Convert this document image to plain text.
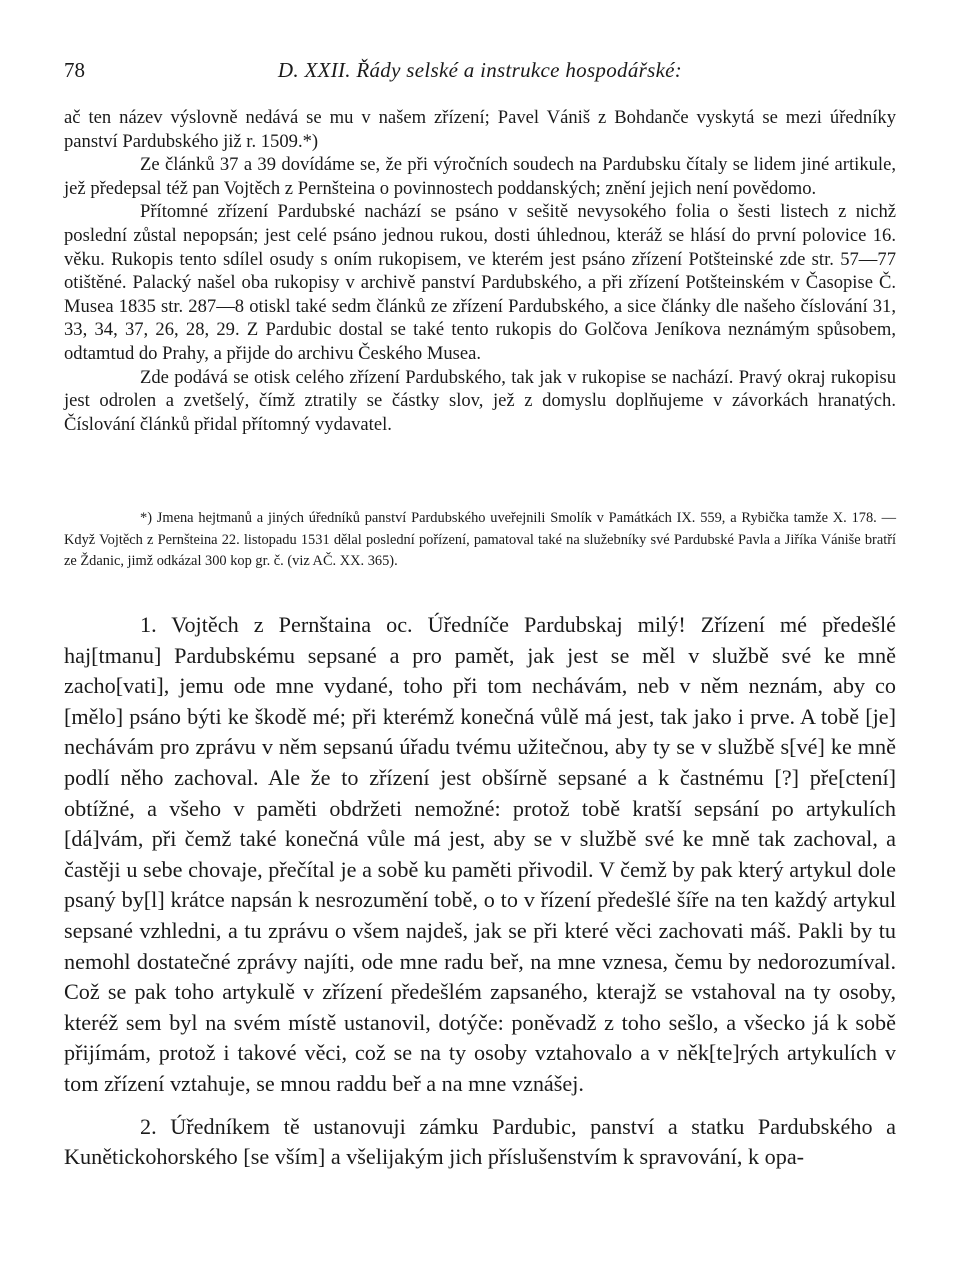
78	D. XXII. Řády selské a instrukce hospodářské:

ač ten název výslovně nedává se mu v našem zřízení; Pavel Vániš z Bohdanče vyskytá se mezi úředníky panství Pardubského již r. 1509.*)

Ze článků 37 a 39 dovídáme se, že při výročních soudech na Pardubsku čítaly se lidem jiné artikule, jež předepsal též pan Vojtěch z Pernšteina o povinnostech poddanských; znění jejich není povědomo.

Přítomné zřízení Pardubské nachází se psáno v sešitě nevysokého folia o šesti listech z nichž poslední zůstal nepopsán; jest celé psáno jednou rukou, dosti úhlednou, kteráž se hlásí do první polovice 16. věku. Rukopis tento sdílel osudy s oním rukopisem, ve kterém jest psáno zřízení Potšteinské zde str. 57—77 otištěné. Palacký našel oba rukopisy v archivě panství Pardubského, a při zřízení Potšteinském v Časopise Č. Musea 1835 str. 287—8 otiskl také sedm článků ze zřízení Pardubského, a sice články dle našeho číslování 31, 33, 34, 37, 26, 28, 29. Z Pardubic dostal se také tento rukopis do Golčova Jeníkova neznámým spůsobem, odtamtud do Prahy, a přijde do archivu Českého Musea.

Zde podává se otisk celého zřízení Pardubského, tak jak v rukopise se nachází. Pravý okraj rukopisu jest odrolen a zvetšelý, čímž ztratily se částky slov, jež z domyslu doplňujeme v závorkách hranatých. Číslování článků přidal přítomný vydavatel.

*) Jmena hejtmanů a jiných úředníků panství Pardubského uveřejnili Smolík v Památkách IX. 559, a Rybička tamže X. 178. — Když Vojtěch z Pernšteina 22. listopadu 1531 dělal poslední pořízení, pamatoval také na služebníky své Pardubské Pavla a Jiříka Vániše bratří ze Ždanic, jimž odkázal 300 kop gr. č. (viz AČ. XX. 365).

1. Vojtěch z Pernštaina oc. Úředníče Pardubskaj milý! Zřízení mé předešlé haj[tmanu] Pardubskému sepsané a pro pamět, jak jest se měl v službě své ke mně zacho[vati], jemu ode mne vydané, toho při tom nechávám, neb v něm neznám, aby co [mělo] psáno býti ke škodě mé; při kterémž konečná vůlě má jest, tak jako i prve. A tobě [je] nechávám pro zprávu v něm sepsanú úřadu tvému užitečnou, aby ty se v službě s[vé] ke mně podlí něho zachoval. Ale že to zřízení jest obšírně sepsané a k častnému [?] pře[ctení] obtížné, a všeho v paměti obdržeti nemožné: protož tobě kratší sepsání po artykulích [dá]vám, při čemž také konečná vůle má jest, aby se v službě své ke mně tak zachoval, a častěji u sebe chovaje, přečítal je a sobě ku paměti přivodil. V čemž by pak který artykul dole psaný by[l] krátce napsán k nesrozumění tobě, o to v řízení předešlé šíře na ten každý artykul sepsané vzhledni, a tu zprávu o všem najdeš, jak se při které věci zachovati máš. Pakli by tu nemohl dostatečné zprávy najíti, ode mne radu beř, na mne vznesa, čemu by nedorozumíval. Což se pak toho artykulě v zřízení předešlém zapsaného, kterajž se vstahoval na ty osoby, kteréž sem byl na svém místě ustanovil, dotýče: poněvadž z toho sešlo, a všecko já k sobě přijímám, protož i takové věci, což se na ty osoby vztahovalo a v něk[te]rých artykulích v tom zřízení vztahuje, se mnou raddu beř a na mne vznášej.

2. Úředníkem tě ustanovuji zámku Pardubic, panství a statku Pardubského a Kunětickohorského [se vším] a všelijakým jich příslušenstvím k spravování, k opa-
